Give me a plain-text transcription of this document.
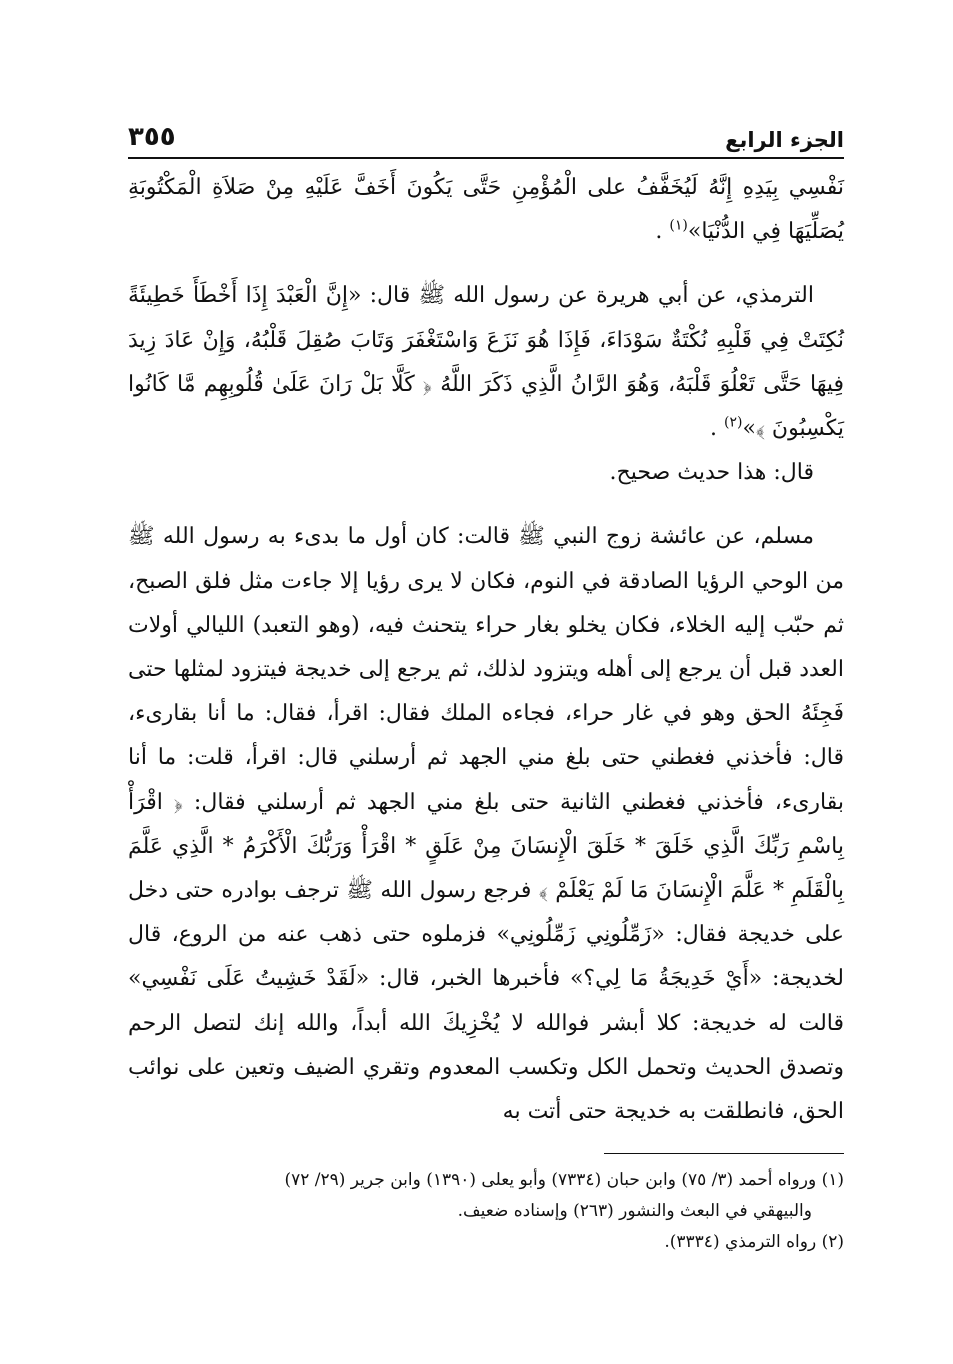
الجزء الرابع
٣٥٥

نَفْسِي بِيَدِهِ إِنَّهُ لَيُخَفَّفُ على الْمُؤْمِنِ حَتَّى يَكُونَ أَخَفَّ عَلَيْهِ مِنْ صَلاَةِ الْمَكْتُوبَةِ يُصَلِّيَهَا فِي الدُّنْيَا»$^{(١)}$ .

الترمذي، عن أبي هريرة عن رسول الله ﷺ قال: «إِنَّ الْعَبْدَ إِذَا أَخْطَأَ خَطِيئَةً نُكِتَتْ فِي قَلْبِهِ نُكْتَةٌ سَوْدَاءَ، فَإِذَا هُوَ نَزَعَ وَاسْتَغْفَرَ وَتَابَ صُقِلَ قَلْبُهُ، وَإِنْ عَادَ زِيدَ فِيهَا حَتَّى تَعْلُوَ قَلْبَهُ، وَهُوَ الرَّانُ الَّذِي ذَكَرَ اللَّهُ ﴿ كَلَّا بَلْ رَانَ عَلَىٰ قُلُوبِهِم مَّا كَانُوا يَكْسِبُونَ ﴾»$^{(٢)}$ .

قال: هذا حديث صحيح.

مسلم، عن عائشة زوج النبي ﷺ قالت: كان أول ما بدىء به رسول الله ﷺ من الوحي الرؤيا الصادقة في النوم، فكان لا يرى رؤيا إلا جاءت مثل فلق الصبح، ثم حبّب إليه الخلاء، فكان يخلو بغار حراء يتحنث فيه، (وهو التعبد) الليالي أولات العدد قبل أن يرجع إلى أهله ويتزود لذلك، ثم يرجع إلى خديجة فيتزود لمثلها حتى فَجِئَهُ الحق وهو في غار حراء، فجاءه الملك فقال: اقرأ، فقال: ما أنا بقارىء، قال: فأخذني فغطني حتى بلغ مني الجهد ثم أرسلني قال: اقرأ، قلت: ما أنا بقارىء، فأخذني فغطني الثانية حتى بلغ مني الجهد ثم أرسلني فقال: ﴿ اقْرَأْ بِاسْمِ رَبِّكَ الَّذِي خَلَقَ * خَلَقَ الْإِنسَانَ مِنْ عَلَقٍ * اقْرَأْ وَرَبُّكَ الْأَكْرَمُ * الَّذِي عَلَّمَ بِالْقَلَمِ * عَلَّمَ الْإِنسَانَ مَا لَمْ يَعْلَمْ ﴾ فرجع رسول الله ﷺ ترجف بوادره حتى دخل على خديجة فقال: «زَمِّلُونِي زَمِّلُونِي» فزملوه حتى ذهب عنه من الروع، قال لخديجة: «أَيْ خَدِيجَةُ مَا لِي؟» فأخبرها الخبر، قال: «لَقَدْ خَشِيتُ عَلَى نَفْسِي» قالت له خديجة: كلا أبشر فوالله لا يُخْزِيكَ الله أبداً، والله إنك لتصل الرحم وتصدق الحديث وتحمل الكل وتكسب المعدوم وتقري الضيف وتعين على نوائب الحق، فانطلقت به خديجة حتى أتت به

(١) ورواه أحمد (٣/ ٧٥) وابن حبان (٧٣٣٤) وأبو يعلى (١٣٩٠) وابن جرير (٢٩/ ٧٢)

والبيهقي في البعث والنشور (٢٦٣) وإسناده ضعيف.

(٢) رواه الترمذي (٣٣٣٤).
